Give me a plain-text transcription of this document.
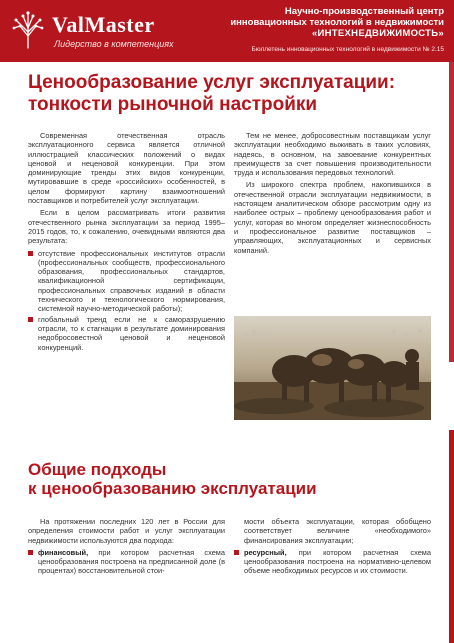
ValMaster
Лидерство в компетенциях
Научно-производственный центр
инновационных технологий в недвижимости
«ИНТЕХНЕДВИЖИМОСТЬ»
Бюллетень инновационных технологий в недвижимости № 2.15
Ценообразование услуг эксплуатации: тонкости рыночной настройки

Современная отечественная отрасль эксплуатационного сервиса является отличной иллюстрацией классических положений о видах ценовой и неценовой конкуренции. При этом доминирующие тренды этих видов конкуренции, мутировавшие в среде «российских» особенностей, в целом формируют картину взаимоотношений поставщиков и потребителей услуг эксплуатации.

Если в целом рассматривать итоги развития отечественного рынка эксплуатации за период 1995–2015 годов, то, к сожалению, очевидными являются два результата:

отсутствие профессиональных институтов отрасли (профессиональных сообществ, профессионального образования, профессиональных стандартов, квалификационной сертификации, профессиональных справочных изданий в области технического и технологического нормирования, системной научно-методической работы);
глобальный тренд если не к саморазрушению отрасли, то к стагнации в результате доминирования недобросовестной ценовой и неценовой конкуренций.

Тем не менее, добросовестным поставщикам услуг эксплуатации необходимо выживать в таких условиях, надеясь, в основном, на завоевание конкурентных преимуществ за счет повышения производительности труда и использования передовых технологий.

Из широкого спектра проблем, накопившихся в отечественной отрасли эксплуатации недвижимости, в настоящем аналитическом обзоре рассмотрим одну из наиболее острых – проблему ценообразования работ и услуг, которая во многом определяет жизнеспособность и профессиональное развитие поставщиков – управляющих, эксплуатационных и сервисных компаний.

Общие подходы
к ценообразованию эксплуатации

На протяжении последних 120 лет в России для определения стоимости работ и услуг эксплуатации недвижимости используются два подхода:

финансовый, при котором расчетная схема ценообразования построена на предписанной доле (в процентах) восстановительной стои-

мости объекта эксплуатации, которая обобщено соответствует величине «необходимого» финансирования эксплуатации;

ресурсный, при котором расчетная схема ценообразования построена на нормативно-целевом объеме необходимых ресурсов и их стоимости.
